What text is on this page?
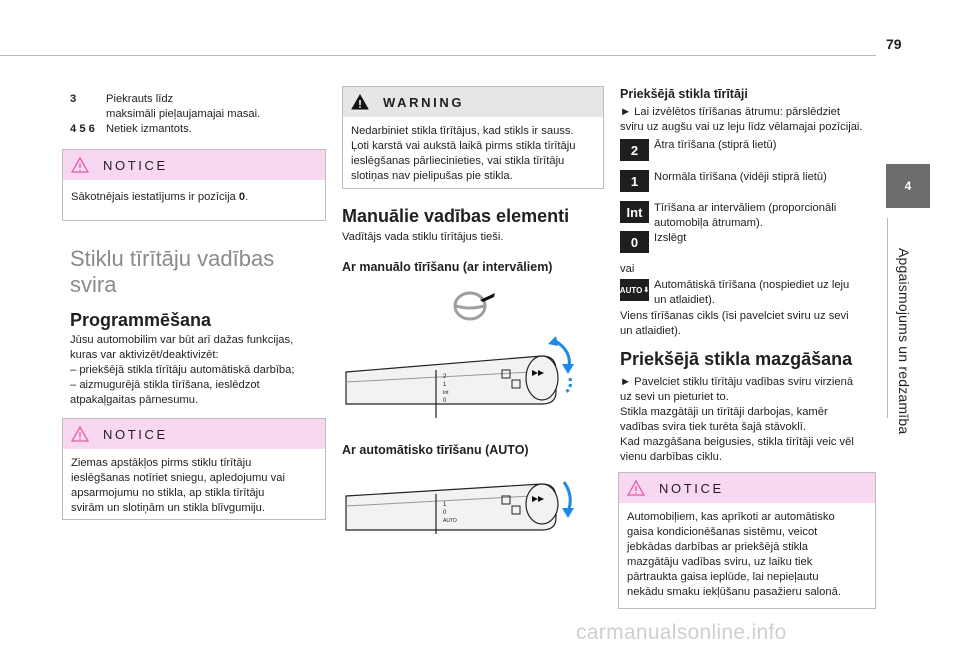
79
4
Apgaismojums un redzamība
3	Piekrauts līdz
maksimāli pieļaujamajai masai.
4 5 6 Netiek izmantots.
NOTICE
Sākotnējais iestatījums ir pozīcija 0.
Stiklu tīrītāju vadības
svira
Programmēšana
Jūsu automobilim var būt arī dažas funkcijas,
kuras var aktivizēt/deaktivizēt:
– priekšējā stikla tīrītāju automātiskā darbība;
– aizmugurējā stikla tīrīšana, ieslēdzot
atpakaļgaitas pārnesumu.
NOTICE
Ziemas apstākļos pirms stiklu tīrītāju
ieslēgšanas notīriet sniegu, apledojumu vai
apsarmojumu no stikla, ap stikla tīrītāju
svirām un slotiņām un stikla blīvgumiju.
WARNING
Nedarbiniet stikla tīrītājus, kad stikls ir sauss.
Ļoti karstā vai aukstā laikā pirms stikla tīrītāju
ieslēgšanas pārliecinieties, vai stikla tīrītāju
slotiņas nav pielipušas pie stikla.
Manuālie vadības elementi
Vadītājs vada stiklu tīrītājus tieši.
Ar manuālo tīrīšanu (ar intervāliem)
2
1
Int
0
Ar automātisko tīrīšanu (AUTO)
1
0
AUTO
Priekšējā stikla tīrītāji
► Lai izvēlētos tīrīšanas ātrumu: pārslēdziet
sviru uz augšu vai uz leju līdz vēlamajai pozīcijai.
2	Ātra tīrīšana (stiprā lietū)
1	Normāla tīrīšana (vidēji stiprā lietū)
Int	Tīrīšana ar intervāliem (proporcionāli
automobiļa ātrumam).
0	Izslēgt
vai
AUTO ⬇ Automātiskā tīrīšana (nospiediet uz leju
un atlaidiet).
Viens tīrīšanas cikls (īsi pavelciet sviru uz sevi
un atlaidiet).
Priekšējā stikla mazgāšana
► Pavelciet stiklu tīrītāju vadības sviru virzienā
uz sevi un pieturiet to.
Stikla mazgātāji un tīrītāji darbojas, kamēr
vadības svira tiek turēta šajā stāvoklī.
Kad mazgāšana beigusies, stikla tīrītāji veic vēl
vienu darbības ciklu.
NOTICE
Automobiļiem, kas aprīkoti ar automātisko
gaisa kondicionēšanas sistēmu, veicot
jebkādas darbības ar priekšējā stikla
mazgātāju vadības sviru, uz laiku tiek
pārtraukta gaisa ieplūde, lai nepieļautu
nekādu smaku iekļūšanu pasažieru salonā.
carmanualsonline.info
